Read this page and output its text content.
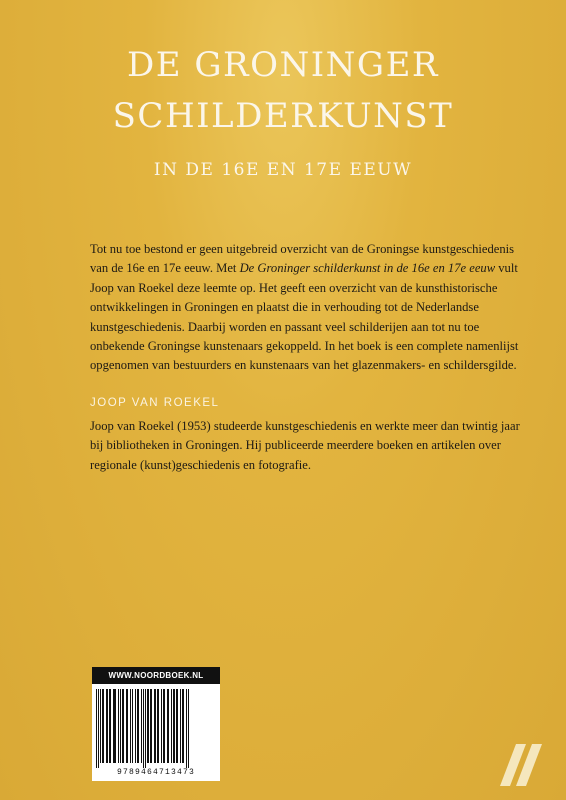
DE GRONINGER
SCHILDERKUNST
IN DE 16E EN 17E EEUW

Tot nu toe bestond er geen uitgebreid overzicht van de Groningse kunstgeschiedenis van de 16e en 17e eeuw. Met De Groninger schilderkunst in de 16e en 17e eeuw vult Joop van Roekel deze leemte op. Het geeft een overzicht van de kunsthistorische ontwikkelingen in Groningen en plaatst die in verhouding tot de Nederlandse kunstgeschiedenis. Daarbij worden en passant veel schilderijen aan tot nu toe onbekende Groningse kunstenaars gekoppeld. In het boek is een complete namenlijst opgenomen van bestuurders en kunstenaars van het glazenmakers- en schildersgilde.

JOOP VAN ROEKEL

Joop van Roekel (1953) studeerde kunstgeschiedenis en werkte meer dan twintig jaar bij bibliotheken in Groningen. Hij publiceerde meerdere boeken en artikelen over regionale (kunst)geschiedenis en fotografie.

WWW.NOORDBOEK.NL
9789464713473
